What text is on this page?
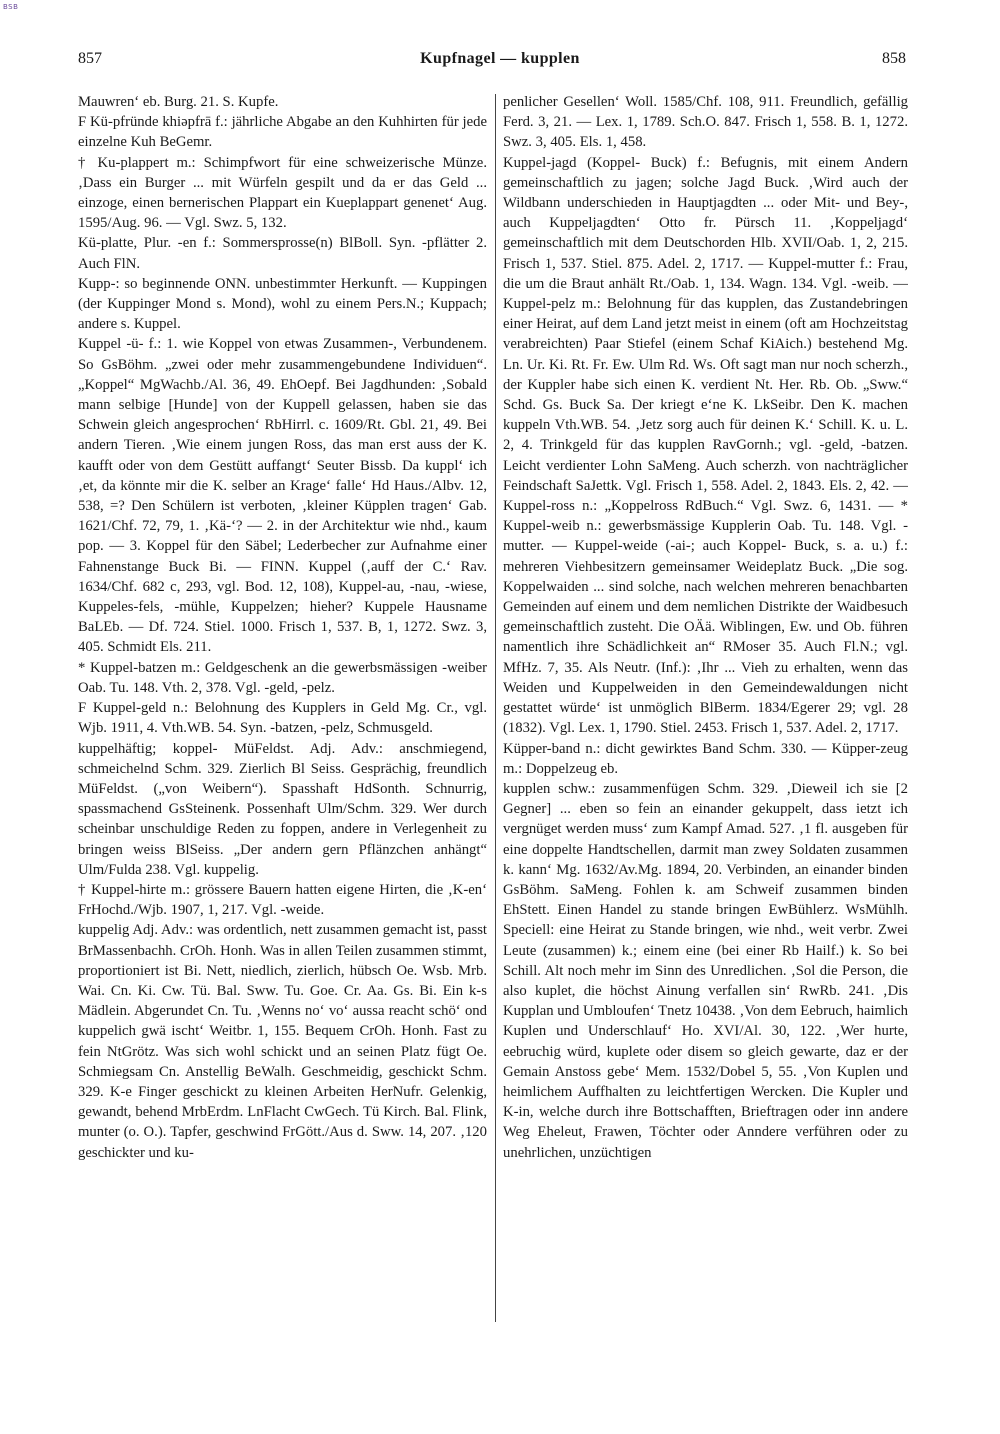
BSB
857	Kupfnagel — kupplen	858

Mauwren‘ eb. Burg. 21. S. Kupfe.

F Kü-pfründe khiəpfrā f.: jährliche Abgabe an den Kuhhirten für jede einzelne Kuh BeGemr.

† Ku-plappert m.: Schimpfwort für eine schweizerische Münze. ‚Dass ein Burger ... mit Würfeln gespilt und da er das Geld ... einzoge, einen bernerischen Plappart ein Kueplappart genenet‘ Aug. 1595/Aug. 96. — Vgl. Swz. 5, 132.

Kü-platte, Plur. -en f.: Sommersprosse(n) BlBoll. Syn. -pflätter 2. Auch FlN.

Kupp-: so beginnende ONN. unbestimmter Herkunft. — Kuppingen (der Kuppinger Mond s. Mond), wohl zu einem Pers.N.; Kuppach; andere s. Kuppel.

Kuppel -ü- f.: 1. wie Koppel von etwas Zusammen-, Verbundenem. So GsBöhm. „zwei oder mehr zusammengebundene Individuen“. „Koppel“ MgWachb./Al. 36, 49. EhOepf. Bei Jagdhunden: ‚Sobald mann selbige [Hunde] von der Kuppell gelassen, haben sie das Schwein gleich angesprochen‘ RbHirrl. c. 1609/Rt. Gbl. 21, 49. Bei andern Tieren. ‚Wie einem jungen Ross, das man erst auss der K. kaufft oder von dem Gestütt auffangt‘ Seuter Bissb. Da kuppl‘ ich ‚et, da könnte mir die K. selber an Krage‘ falle‘ Hd Haus./Albv. 12, 538, =? Den Schülern ist verboten, ‚kleiner Küpplen tragen‘ Gab. 1621/Chf. 72, 79, 1. ‚Kä-‘? — 2. in der Architektur wie nhd., kaum pop. — 3. Koppel für den Säbel; Lederbecher zur Aufnahme einer Fahnenstange Buck Bi. — FINN. Kuppel (‚auff der C.‘ Rav. 1634/Chf. 682 c, 293, vgl. Bod. 12, 108), Kuppel-au, -nau, -wiese, Kuppeles-fels, -mühle, Kuppelzen; hieher? Kuppele Hausname BaLEb. — Df. 724. Stiel. 1000. Frisch 1, 537. B, 1, 1272. Swz. 3, 405. Schmidt Els. 211.

* Kuppel-batzen m.: Geldgeschenk an die gewerbsmässigen -weiber Oab. Tu. 148. Vth. 2, 378. Vgl. -geld, -pelz.

F Kuppel-geld n.: Belohnung des Kupplers in Geld Mg. Cr., vgl. Wjb. 1911, 4. Vth.WB. 54. Syn. -batzen, -pelz, Schmusgeld.

kuppelhäftig; koppel- MüFeldst. Adj. Adv.: anschmiegend, schmeichelnd Schm. 329. Zierlich Bl Seiss. Gesprächig, freundlich MüFeldst. („von Weibern“). Spasshaft HdSonth. Schnurrig, spassmachend GsSteinenk. Possenhaft Ulm/Schm. 329. Wer durch scheinbar unschuldige Reden zu foppen, andere in Verlegenheit zu bringen weiss BlSeiss. „Der andern gern Pflänzchen anhängt“ Ulm/Fulda 238. Vgl. kuppelig.

† Kuppel-hirte m.: grössere Bauern hatten eigene Hirten, die ‚K-en‘ FrHochd./Wjb. 1907, 1, 217. Vgl. -weide.

kuppelig Adj. Adv.: was ordentlich, nett zusammen gemacht ist, passt BrMassenbachh. CrOh. Honh. Was in allen Teilen zusammen stimmt, proportioniert ist Bi. Nett, niedlich, zierlich, hübsch Oe. Wsb. Mrb. Wai. Cn. Ki. Cw. Tü. Bal. Sww. Tu. Goe. Cr. Aa. Gs. Bi. Ein k-s Mädlein. Abgerundet Cn. Tu. ‚Wenns no‘ vo‘ aussa reacht schö‘ ond kuppelich gwä ischt‘ Weitbr. 1, 155. Bequem CrOh. Honh. Fast zu fein NtGrötz. Was sich wohl schickt und an seinen Platz fügt Oe. Schmiegsam Cn. Anstellig BeWalh. Geschmeidig, geschickt Schm. 329. K-e Finger geschickt zu kleinen Arbeiten HerNufr. Gelenkig, gewandt, behend MrbErdm. LnFlacht CwGech. Tü Kirch. Bal. Flink, munter (o. O.). Tapfer, geschwind FrGött./Aus d. Sww. 14, 207. ‚120 geschickter und ku-

penlicher Gesellen‘ Woll. 1585/Chf. 108, 911. Freundlich, gefällig Ferd. 3, 21. — Lex. 1, 1789. Sch.O. 847. Frisch 1, 558. B. 1, 1272. Swz. 3, 405. Els. 1, 458.

Kuppel-jagd (Koppel- Buck) f.: Befugnis, mit einem Andern gemeinschaftlich zu jagen; solche Jagd Buck. ‚Wird auch der Wildbann underschieden in Hauptjagdten ... oder Mit- und Bey-, auch Kuppeljagdten‘ Otto fr. Pürsch 11. ‚Koppeljagd‘ gemeinschaftlich mit dem Deutschorden Hlb. XVII/Oab. 1, 2, 215. Frisch 1, 537. Stiel. 875. Adel. 2, 1717. — Kuppel-mutter f.: Frau, die um die Braut anhält Rt./Oab. 1, 134. Wagn. 134. Vgl. -weib. — Kuppel-pelz m.: Belohnung für das kupplen, das Zustandebringen einer Heirat, auf dem Land jetzt meist in einem (oft am Hochzeitstag verabreichten) Paar Stiefel (einem Schaf KiAich.) bestehend Mg. Ln. Ur. Ki. Rt. Fr. Ew. Ulm Rd. Ws. Oft sagt man nur noch scherzh., der Kuppler habe sich einen K. verdient Nt. Her. Rb. Ob. „Sww.“ Schd. Gs. Buck Sa. Der kriegt e‘ne K. LkSeibr. Den K. machen kuppeln Vth.WB. 54. ‚Jetz sorg auch für deinen K.‘ Schill. K. u. L. 2, 4. Trinkgeld für das kupplen RavGornh.; vgl. -geld, -batzen. Leicht verdienter Lohn SaMeng. Auch scherzh. von nachträglicher Feindschaft SaJettk. Vgl. Frisch 1, 558. Adel. 2, 1843. Els. 2, 42. — Kuppel-ross n.: „Koppelross RdBuch.“ Vgl. Swz. 6, 1431. — * Kuppel-weib n.: gewerbsmässige Kupplerin Oab. Tu. 148. Vgl. -mutter. — Kuppel-weide (-ai-; auch Koppel- Buck, s. a. u.) f.: mehreren Viehbesitzern gemeinsamer Weideplatz Buck. „Die sog. Koppelwaiden ... sind solche, nach welchen mehreren benachbarten Gemeinden auf einem und dem nemlichen Distrikte der Waidbesuch gemeinschaftlich zusteht. Die OÄä. Wiblingen, Ew. und Ob. führen namentlich ihre Schädlichkeit an“ RMoser 35. Auch Fl.N.; vgl. MfHz. 7, 35. Als Neutr. (Inf.): ‚Ihr ... Vieh zu erhalten, wenn das Weiden und Kuppelweiden in den Gemeindewaldungen nicht gestattet würde‘ ist unmöglich BlBerm. 1834/Egerer 29; vgl. 28 (1832). Vgl. Lex. 1, 1790. Stiel. 2453. Frisch 1, 537. Adel. 2, 1717.

Küpper-band n.: dicht gewirktes Band Schm. 330. — Küpper-zeug m.: Doppelzeug eb.

kupplen schw.: zusammenfügen Schm. 329. ‚Dieweil ich sie [2 Gegner] ... eben so fein an einander gekuppelt, dass ietzt ich vergnüget werden muss‘ zum Kampf Amad. 527. ‚1 fl. ausgeben für eine doppelte Handtschellen, darmit man zwey Soldaten zusammen k. kann‘ Mg. 1632/Av.Mg. 1894, 20. Verbinden, an einander binden GsBöhm. SaMeng. Fohlen k. am Schweif zusammen binden EhStett. Einen Handel zu stande bringen EwBühlerz. WsMühlh. Speciell: eine Heirat zu Stande bringen, wie nhd., weit verbr. Zwei Leute (zusammen) k.; einem eine (bei einer Rb Hailf.) k. So bei Schill. Alt noch mehr im Sinn des Unredlichen. ‚Sol die Person, die also kuplet, die höchst Ainung verfallen sin‘ RwRb. 241. ‚Dis Kupplan und Umbloufen‘ Tnetz 10438. ‚Von dem Eebruch, haimlich Kuplen und Underschlauf‘ Ho. XVI/Al. 30, 122. ‚Wer hurte, eebruchig würd, kuplete oder disem so gleich gewarte, daz er der Gemain Anstoss gebe‘ Mem. 1532/Dobel 5, 55. ‚Von Kuplen und heimlichem Auffhalten zu leichtfertigen Wercken. Die Kupler und K-in, welche durch ihre Bottschafften, Brieftragen oder inn andere Weg Eheleut, Frawen, Töchter oder Anndere verführen oder zu unehrlichen, unzüchtigen
